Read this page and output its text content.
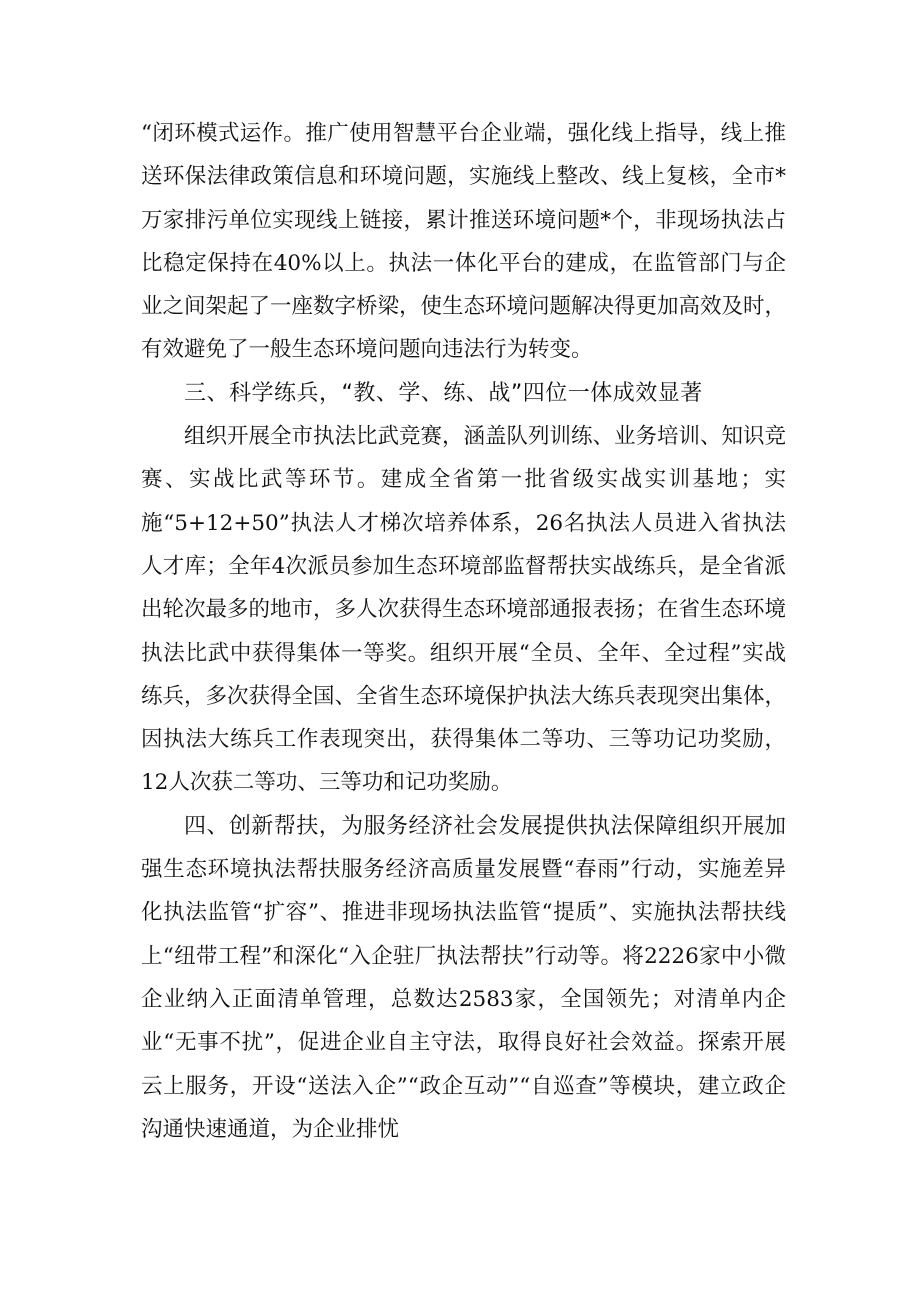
“闭环模式运作。推广使用智慧平台企业端，强化线上指导，线上推送环保法律政策信息和环境问题，实施线上整改、线上复核，全市*万家排污单位实现线上链接，累计推送环境问题*个，非现场执法占比稳定保持在40%以上。执法一体化平台的建成，在监管部门与企业之间架起了一座数字桥梁，使生态环境问题解决得更加高效及时，有效避免了一般生态环境问题向违法行为转变。

三、科学练兵，“教、学、练、战”四位一体成效显著

组织开展全市执法比武竞赛，涵盖队列训练、业务培训、知识竞赛、实战比武等环节。建成全省第一批省级实战实训基地；实施“5+12+50”执法人才梯次培养体系，26名执法人员进入省执法人才库；全年4次派员参加生态环境部监督帮扶实战练兵，是全省派出轮次最多的地市，多人次获得生态环境部通报表扬；在省生态环境执法比武中获得集体一等奖。组织开展“全员、全年、全过程”实战练兵，多次获得全国、全省生态环境保护执法大练兵表现突出集体，因执法大练兵工作表现突出，获得集体二等功、三等功记功奖励，12人次获二等功、三等功和记功奖励。

四、创新帮扶，为服务经济社会发展提供执法保障组织开展加强生态环境执法帮扶服务经济高质量发展暨“春雨”行动，实施差异化执法监管“扩容”、推进非现场执法监管“提质”、实施执法帮扶线上“纽带工程”和深化“入企驻厂执法帮扶”行动等。将2226家中小微企业纳入正面清单管理，总数达2583家，全国领先；对清单内企业“无事不扰”，促进企业自主守法，取得良好社会效益。探索开展云上服务，开设“送法入企”“政企互动”“自巡查”等模块，建立政企沟通快速通道，为企业排忧
